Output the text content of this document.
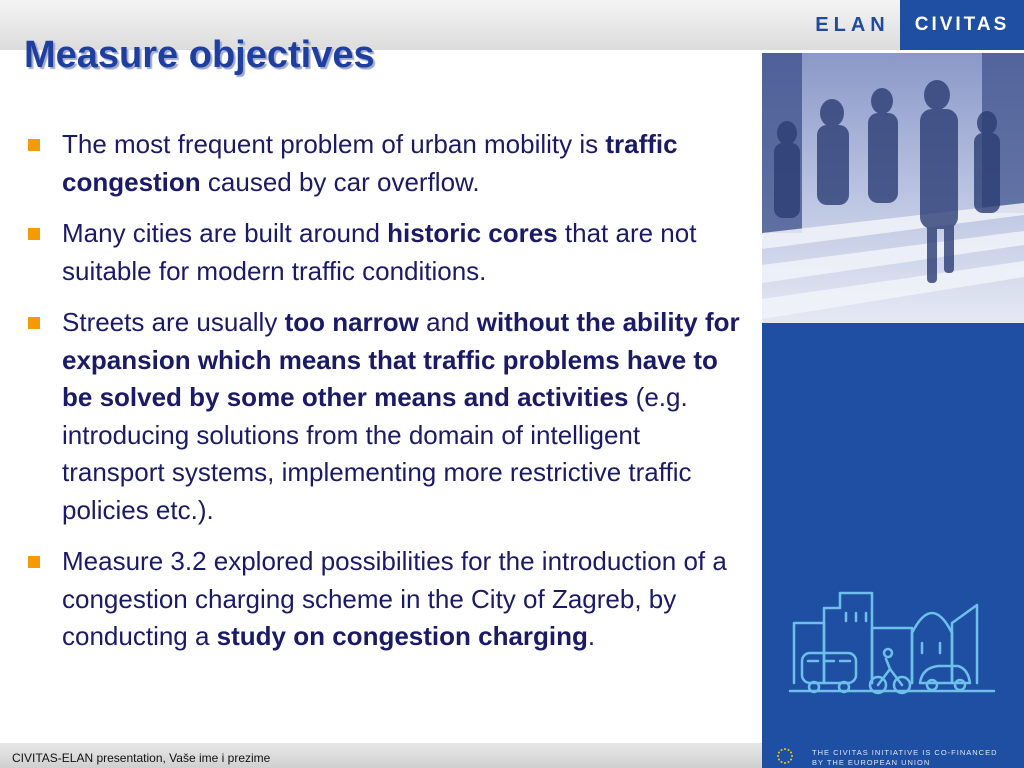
ELAN	CIVITAS
Measure objectives
The most frequent problem of urban mobility is traffic congestion caused by car overflow.
Many cities are built around historic cores that are not suitable for modern traffic conditions.
Streets are usually too narrow and without the ability for expansion which means that traffic problems have to be solved by some other means and activities (e.g. introducing solutions from the domain of intelligent transport systems, implementing more restrictive traffic policies etc.).
Measure 3.2 explored possibilities for the introduction of a congestion charging scheme in the City of Zagreb, by conducting a study on congestion charging.
CIVITAS-ELAN presentation, Vaše ime i prezime	THE CIVITAS INITIATIVE IS CO-FINANCED
BY THE EUROPEAN UNION
